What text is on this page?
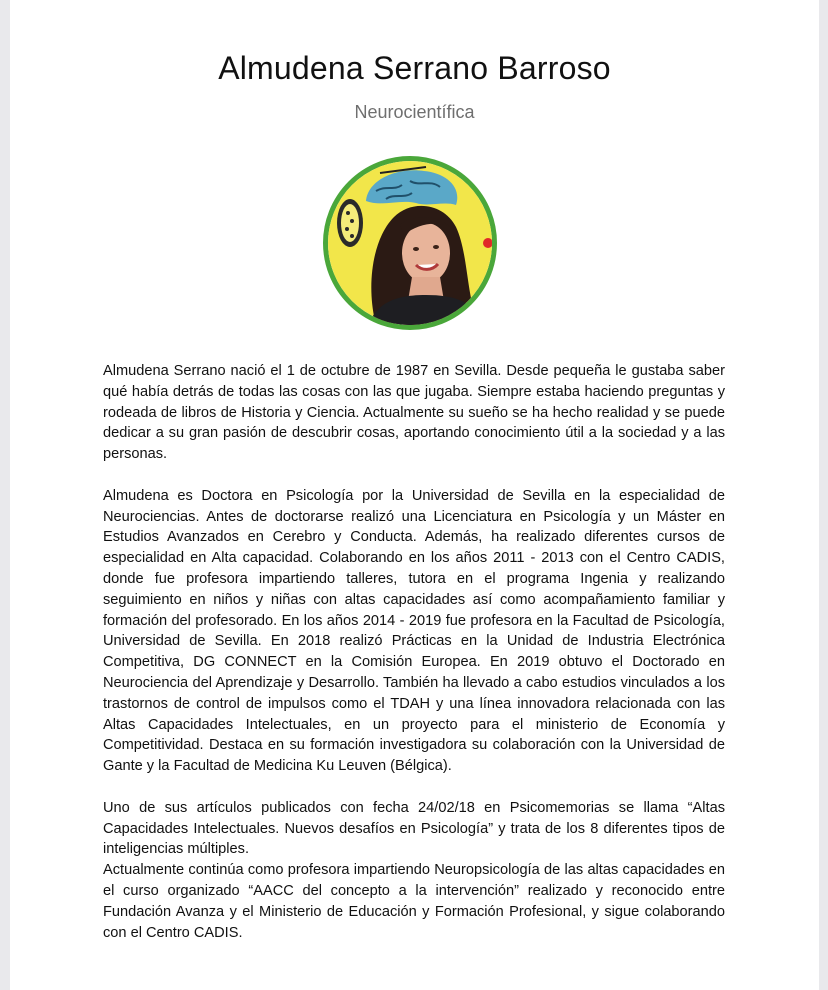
Almudena Serrano Barroso
Neurocientífica

Almudena Serrano nació el 1 de octubre de 1987 en Sevilla. Desde pequeña le gustaba saber qué había detrás de todas las cosas con las que jugaba. Siempre estaba haciendo preguntas y rodeada de libros de Historia y Ciencia. Actualmente su sueño se ha hecho realidad y se puede dedicar a su gran pasión de descubrir cosas, aportando conocimiento útil a la sociedad y a las personas.

Almudena es Doctora en Psicología por la Universidad de Sevilla en la especialidad de Neurociencias. Antes de doctorarse realizó una Licenciatura en Psicología y un Máster en Estudios Avanzados en Cerebro y Conducta. Además, ha realizado diferentes cursos de especialidad en Alta capacidad. Colaborando en los años 2011 - 2013 con el Centro CADIS, donde fue profesora impartiendo talleres, tutora en el programa Ingenia y realizando seguimiento en niños y niñas con altas capacidades así como acompañamiento familiar y formación del profesorado. En los años 2014 - 2019 fue profesora en la Facultad de Psicología, Universidad de Sevilla. En 2018 realizó Prácticas en la Unidad de Industria Electrónica Competitiva, DG CONNECT en la Comisión Europea. En 2019 obtuvo el Doctorado en Neurociencia del Aprendizaje y Desarrollo. También ha llevado a cabo estudios vinculados a los trastornos de control de impulsos como el TDAH y una línea innovadora relacionada con las Altas Capacidades Intelectuales, en un proyecto para el ministerio de Economía y Competitividad. Destaca en su formación investigadora su colaboración con la Universidad de Gante y la Facultad de Medicina Ku Leuven (Bélgica).

Uno de sus artículos publicados con fecha 24/02/18 en Psicomemorias se llama “Altas Capacidades Intelectuales. Nuevos desafíos en Psicología” y trata de los 8 diferentes tipos de inteligencias múltiples.

Actualmente continúa como profesora impartiendo Neuropsicología de las altas capacidades en el curso organizado “AACC del concepto a la intervención” realizado y reconocido entre Fundación Avanza y el Ministerio de Educación y Formación Profesional, y sigue colaborando con el Centro CADIS.
